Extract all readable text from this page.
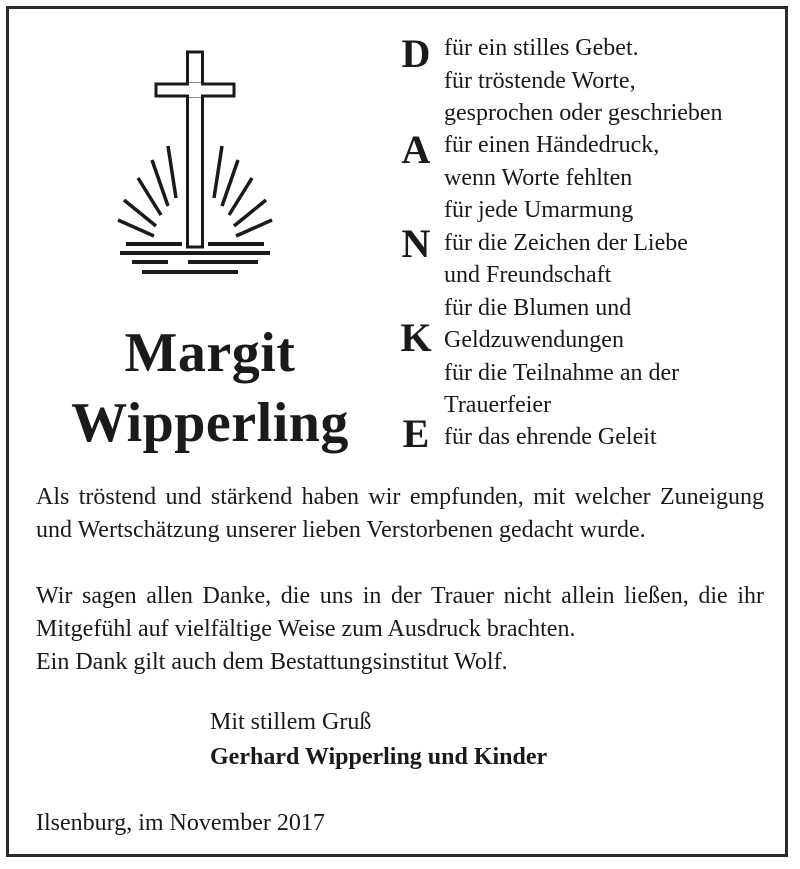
Margit
Wipperling
D
A
N
K
E
für ein stilles Gebet.
für tröstende Worte,
gesprochen oder geschrieben
für einen Händedruck,
wenn Worte fehlten
für jede Umarmung
für die Zeichen der Liebe
und Freundschaft
für die Blumen und
Geldzuwendungen
für die Teilnahme an der
Trauerfeier
für das ehrende Geleit
Als tröstend und stärkend haben wir empfunden, mit welcher Zuneigung und Wertschätzung unserer lieben Verstorbenen gedacht wurde.
Wir sagen allen Danke, die uns in der Trauer nicht allein ließen, die ihr Mitgefühl auf vielfältige Weise zum Ausdruck brachten.
Ein Dank gilt auch dem Bestattungsinstitut Wolf.
Mit stillem Gruß
Gerhard Wipperling und Kinder
Ilsenburg, im November 2017
